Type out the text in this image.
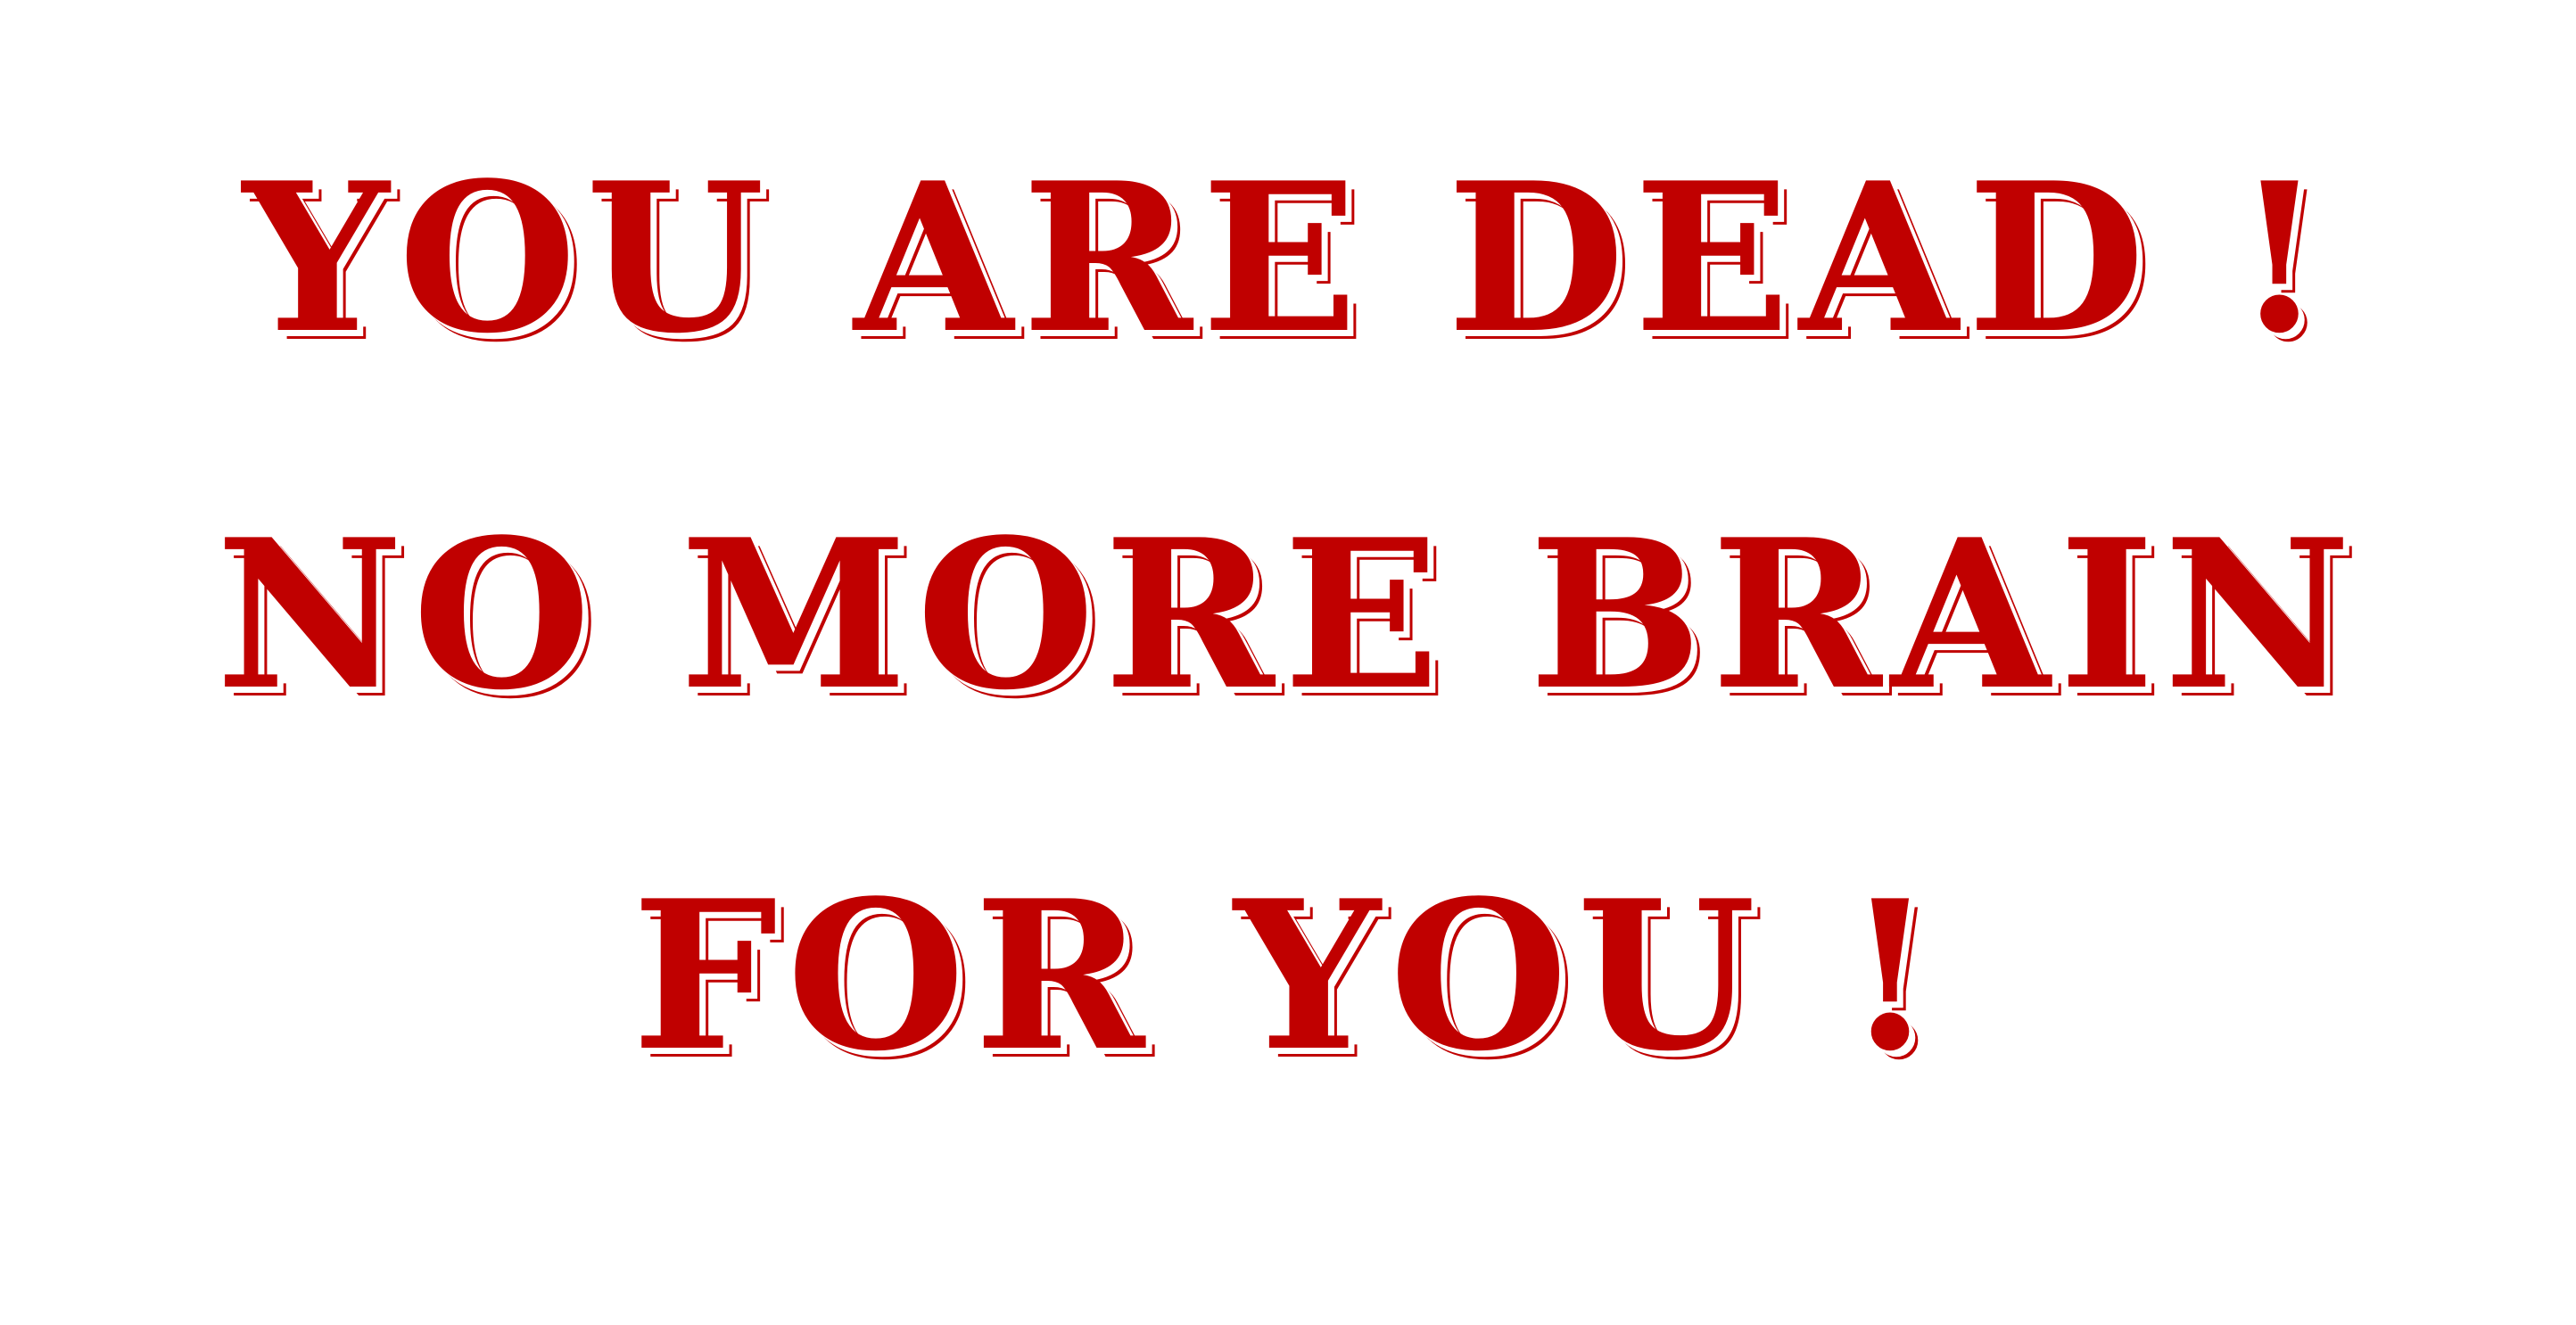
YOU ARE DEAD !
NO MORE BRAIN
FOR YOU !
